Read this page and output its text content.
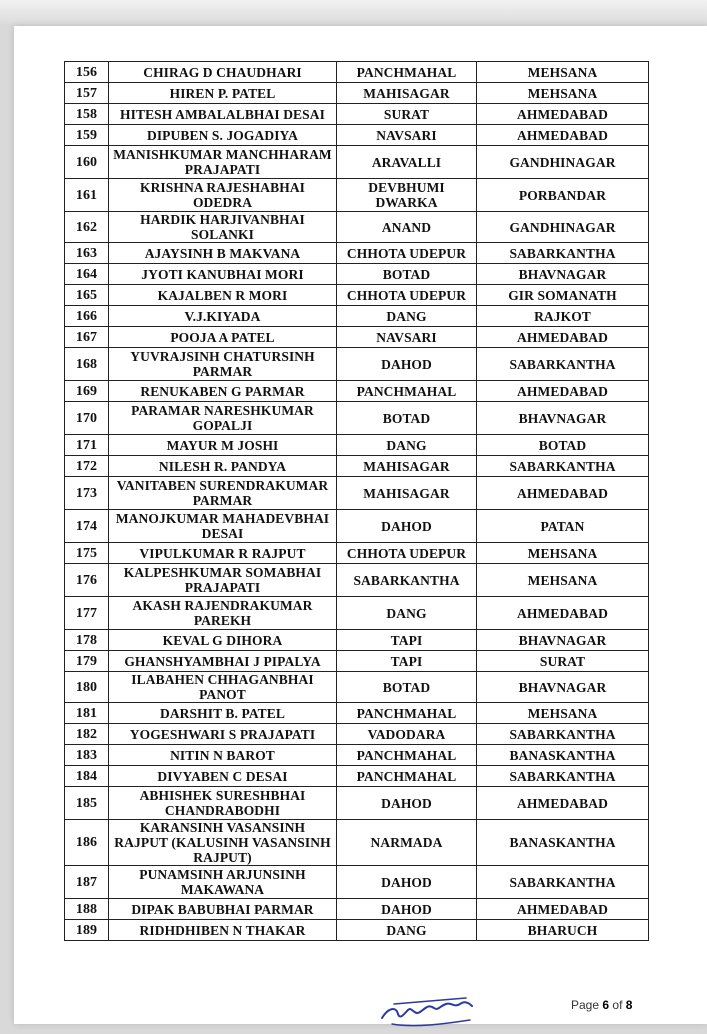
156	CHIRAG D CHAUDHARI	PANCHMAHAL	MEHSANA
157	HIREN P. PATEL	MAHISAGAR	MEHSANA
158	HITESH AMBALALBHAI DESAI	SURAT	AHMEDABAD
159	DIPUBEN S. JOGADIYA	NAVSARI	AHMEDABAD
160	MANISHKUMAR MANCHHARAM PRAJAPATI	ARAVALLI	GANDHINAGAR
161	KRISHNA RAJESHABHAI ODEDRA	DEVBHUMI DWARKA	PORBANDAR
162	HARDIK HARJIVANBHAI SOLANKI	ANAND	GANDHINAGAR
163	AJAYSINH B MAKVANA	CHHOTA UDEPUR	SABARKANTHA
164	JYOTI KANUBHAI MORI	BOTAD	BHAVNAGAR
165	KAJALBEN R MORI	CHHOTA UDEPUR	GIR SOMANATH
166	V.J.KIYADA	DANG	RAJKOT
167	POOJA A PATEL	NAVSARI	AHMEDABAD
168	YUVRAJSINH CHATURSINH PARMAR	DAHOD	SABARKANTHA
169	RENUKABEN G PARMAR	PANCHMAHAL	AHMEDABAD
170	PARAMAR NARESHKUMAR GOPALJI	BOTAD	BHAVNAGAR
171	MAYUR M JOSHI	DANG	BOTAD
172	NILESH R. PANDYA	MAHISAGAR	SABARKANTHA
173	VANITABEN SURENDRAKUMAR PARMAR	MAHISAGAR	AHMEDABAD
174	MANOJKUMAR MAHADEVBHAI DESAI	DAHOD	PATAN
175	VIPULKUMAR R RAJPUT	CHHOTA UDEPUR	MEHSANA
176	KALPESHKUMAR SOMABHAI PRAJAPATI	SABARKANTHA	MEHSANA
177	AKASH RAJENDRAKUMAR PAREKH	DANG	AHMEDABAD
178	KEVAL G DIHORA	TAPI	BHAVNAGAR
179	GHANSHYAMBHAI J PIPALYA	TAPI	SURAT
180	ILABAHEN CHHAGANBHAI PANOT	BOTAD	BHAVNAGAR
181	DARSHIT B. PATEL	PANCHMAHAL	MEHSANA
182	YOGESHWARI S PRAJAPATI	VADODARA	SABARKANTHA
183	NITIN N BAROT	PANCHMAHAL	BANASKANTHA
184	DIVYABEN C DESAI	PANCHMAHAL	SABARKANTHA
185	ABHISHEK SURESHBHAI CHANDRABODHI	DAHOD	AHMEDABAD
186	KARANSINH VASANSINH RAJPUT (KALUSINH VASANSINH RAJPUT)	NARMADA	BANASKANTHA
187	PUNAMSINH ARJUNSINH MAKAWANA	DAHOD	SABARKANTHA
188	DIPAK BABUBHAI PARMAR	DAHOD	AHMEDABAD
189	RIDHDHIBEN N THAKAR	DANG	BHARUCH
Page 6 of 8
